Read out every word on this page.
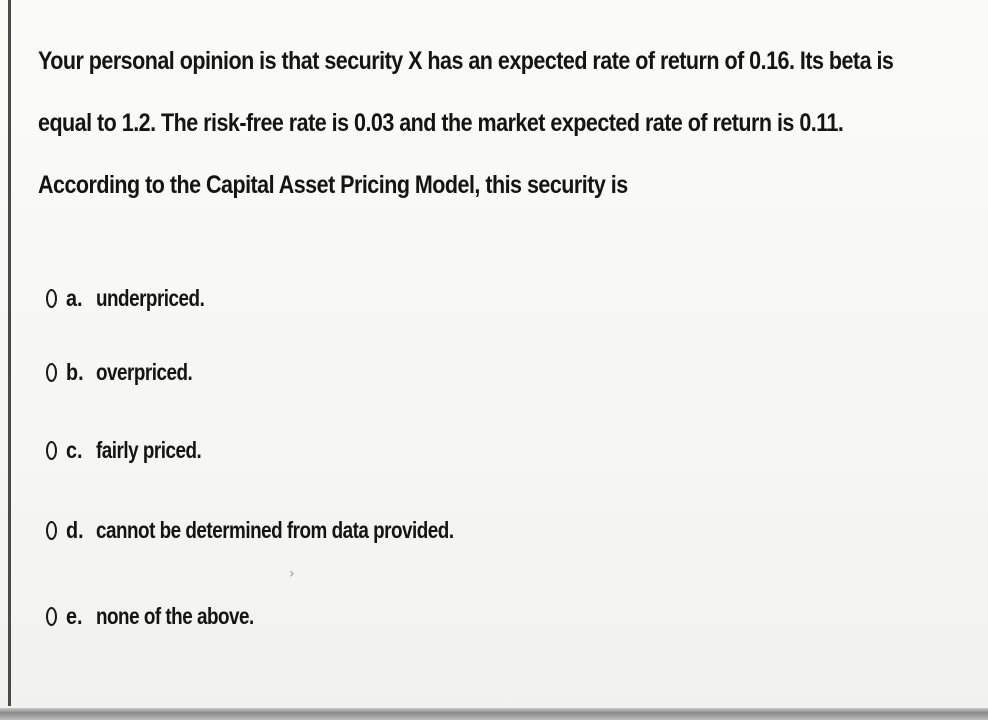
Your personal opinion is that security X has an expected rate of return of 0.16. Its beta is
equal to 1.2. The risk-free rate is 0.03 and the market expected rate of return is 0.11.
According to the Capital Asset Pricing Model, this security is
a. underpriced.
b. overpriced.
c. fairly priced.
d. cannot be determined from data provided.
e. none of the above.
›
